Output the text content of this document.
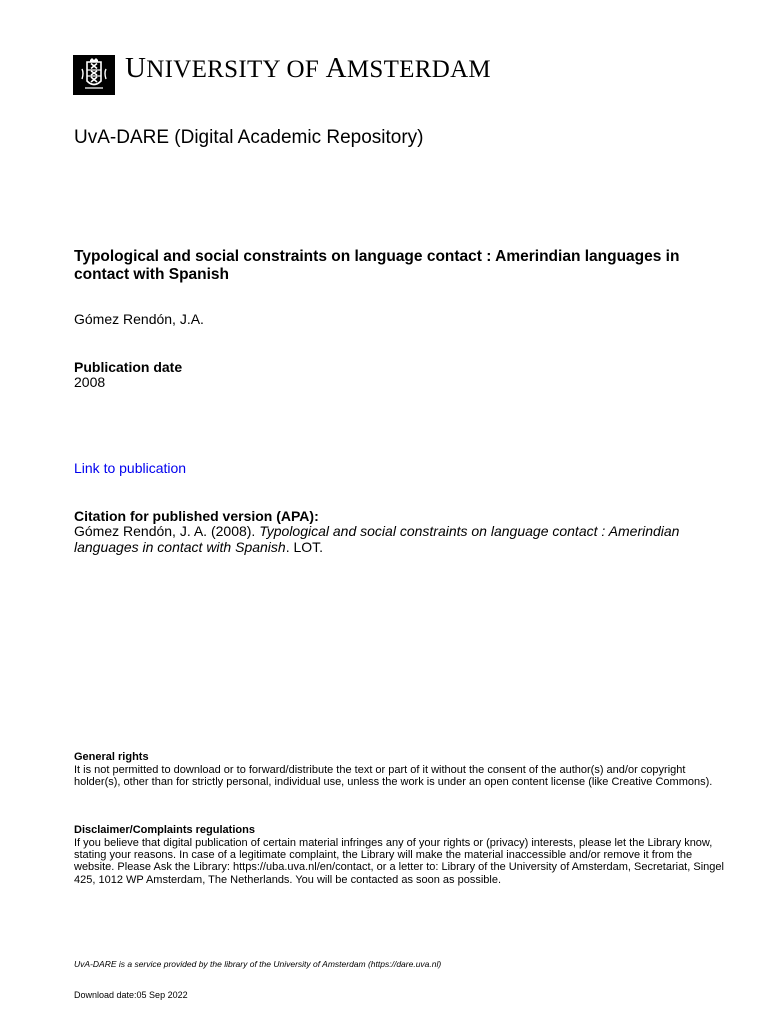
UNIVERSITY OF AMSTERDAM
UvA-DARE (Digital Academic Repository)
Typological and social constraints on language contact : Amerindian languages in contact with Spanish
Gómez Rendón, J.A.
Publication date
2008
Link to publication
Citation for published version (APA):
Gómez Rendón, J. A. (2008). Typological and social constraints on language contact : Amerindian languages in contact with Spanish. LOT.
General rights
It is not permitted to download or to forward/distribute the text or part of it without the consent of the author(s) and/or copyright holder(s), other than for strictly personal, individual use, unless the work is under an open content license (like Creative Commons).
Disclaimer/Complaints regulations
If you believe that digital publication of certain material infringes any of your rights or (privacy) interests, please let the Library know, stating your reasons. In case of a legitimate complaint, the Library will make the material inaccessible and/or remove it from the website. Please Ask the Library: https://uba.uva.nl/en/contact, or a letter to: Library of the University of Amsterdam, Secretariat, Singel 425, 1012 WP Amsterdam, The Netherlands. You will be contacted as soon as possible.
UvA-DARE is a service provided by the library of the University of Amsterdam (https://dare.uva.nl)
Download date:05 Sep 2022
